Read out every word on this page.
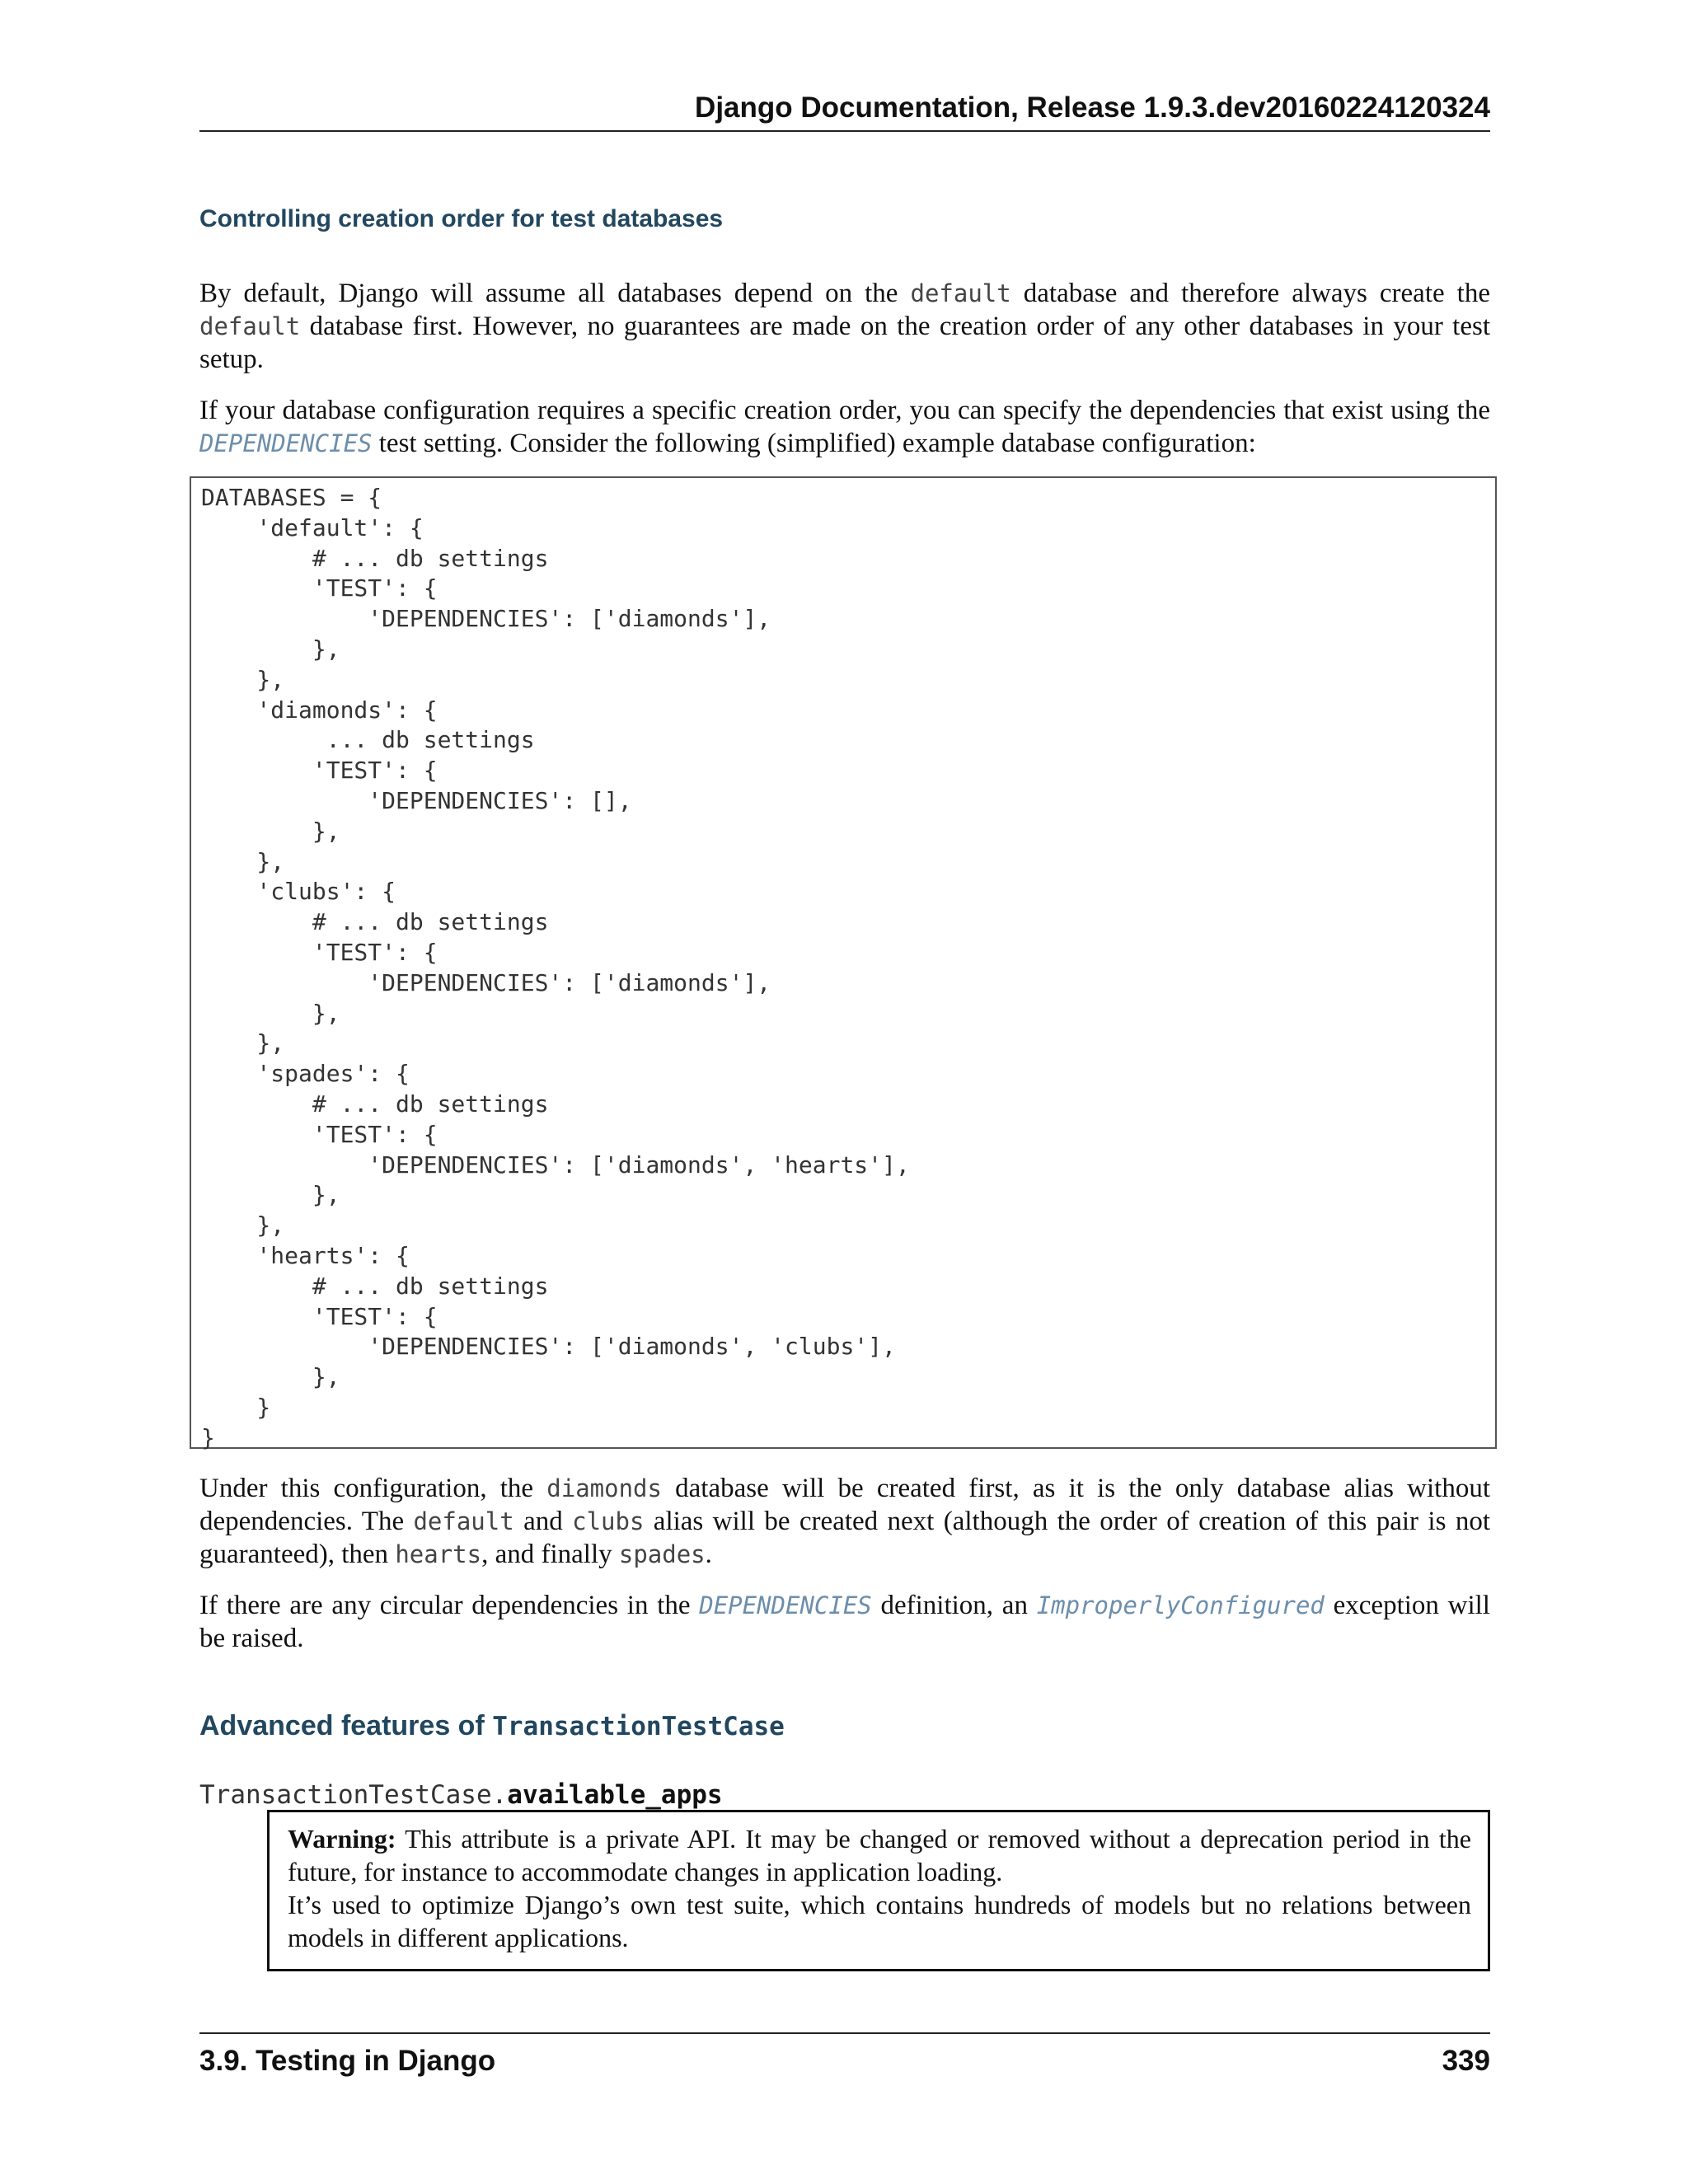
Django Documentation, Release 1.9.3.dev20160224120324
Controlling creation order for test databases

By default, Django will assume all databases depend on the default database and therefore always create the default database first. However, no guarantees are made on the creation order of any other databases in your test setup.

If your database configuration requires a specific creation order, you can specify the dependencies that exist using the DEPENDENCIES test setting. Consider the following (simplified) example database configuration:

DATABASES = {
'default': {
# ... db settings
'TEST': {
'DEPENDENCIES': ['diamonds'],
},
},
'diamonds': {
... db settings
'TEST': {
'DEPENDENCIES': [],
},
},
'clubs': {
# ... db settings
'TEST': {
'DEPENDENCIES': ['diamonds'],
},
},
'spades': {
# ... db settings
'TEST': {
'DEPENDENCIES': ['diamonds', 'hearts'],
},
},
'hearts': {
# ... db settings
'TEST': {
'DEPENDENCIES': ['diamonds', 'clubs'],
},
}
}

Under this configuration, the diamonds database will be created first, as it is the only database alias without dependencies. The default and clubs alias will be created next (although the order of creation of this pair is not guaranteed), then hearts, and finally spades.

If there are any circular dependencies in the DEPENDENCIES definition, an ImproperlyConfigured exception will be raised.

Advanced features of TransactionTestCase
TransactionTestCase.available_apps

Warning: This attribute is a private API. It may be changed or removed without a deprecation period in the future, for instance to accommodate changes in application loading.
It’s used to optimize Django’s own test suite, which contains hundreds of models but no relations between models in different applications.

3.9. Testing in Django	339
